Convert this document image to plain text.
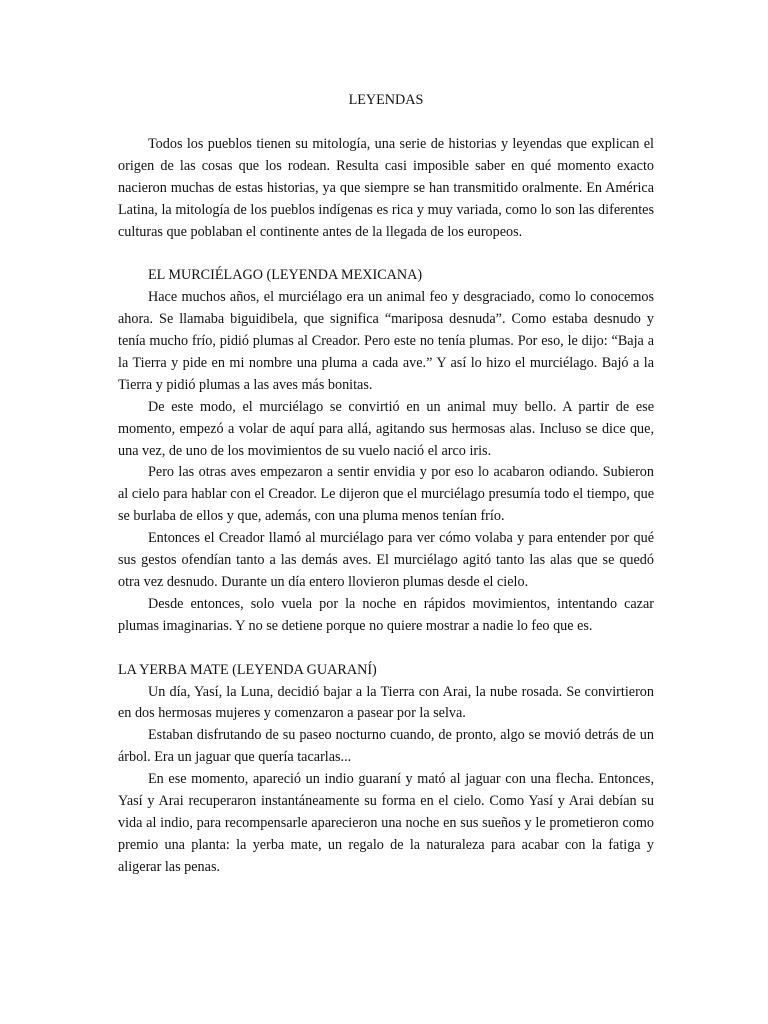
LEYENDAS

Todos los pueblos tienen su mitología, una serie de historias y leyendas que explican el origen de las cosas que los rodean. Resulta casi imposible saber en qué momento exacto nacieron muchas de estas historias, ya que siempre se han transmitido oralmente. En América Latina, la mitología de los pueblos indígenas es rica y muy variada, como lo son las diferentes culturas que poblaban el continente antes de la llegada de los europeos.

EL MURCIÉLAGO (LEYENDA MEXICANA)

Hace muchos años, el murciélago era un animal feo y desgraciado, como lo conocemos ahora. Se llamaba biguidibela, que significa “mariposa desnuda”. Como estaba desnudo y tenía mucho frío, pidió plumas al Creador. Pero este no tenía plumas. Por eso, le dijo: “Baja a la Tierra y pide en mi nombre una pluma a cada ave.” Y así lo hizo el murciélago. Bajó a la Tierra y pidió plumas a las aves más bonitas.

De este modo, el murciélago se convirtió en un animal muy bello. A partir de ese momento, empezó a volar de aquí para allá, agitando sus hermosas alas. Incluso se dice que, una vez, de uno de los movimientos de su vuelo nació el arco iris.

Pero las otras aves empezaron a sentir envidia y por eso lo acabaron odiando. Subieron al cielo para hablar con el Creador. Le dijeron que el murciélago presumía todo el tiempo, que se burlaba de ellos y que, además, con una pluma menos tenían frío.

Entonces el Creador llamó al murciélago para ver cómo volaba y para entender por qué sus gestos ofendían tanto a las demás aves. El murciélago agitó tanto las alas que se quedó otra vez desnudo. Durante un día entero llovieron plumas desde el cielo.

Desde entonces, solo vuela por la noche en rápidos movimientos, intentando cazar plumas imaginarias. Y no se detiene porque no quiere mostrar a nadie lo feo que es.

LA YERBA MATE (LEYENDA GUARANÍ)

Un día, Yasí, la Luna, decidió bajar a la Tierra con Arai, la nube rosada. Se convirtieron en dos hermosas mujeres y comenzaron a pasear por la selva.

Estaban disfrutando de su paseo nocturno cuando, de pronto, algo se movió detrás de un árbol. Era un jaguar que quería tacarlas...

En ese momento, apareció un indio guaraní y mató al jaguar con una flecha. Entonces, Yasí y Arai recuperaron instantáneamente su forma en el cielo. Como Yasí y Arai debían su vida al indio, para recompensarle aparecieron una noche en sus sueños y le prometieron como premio una planta: la yerba mate, un regalo de la naturaleza para acabar con la fatiga y aligerar las penas.
